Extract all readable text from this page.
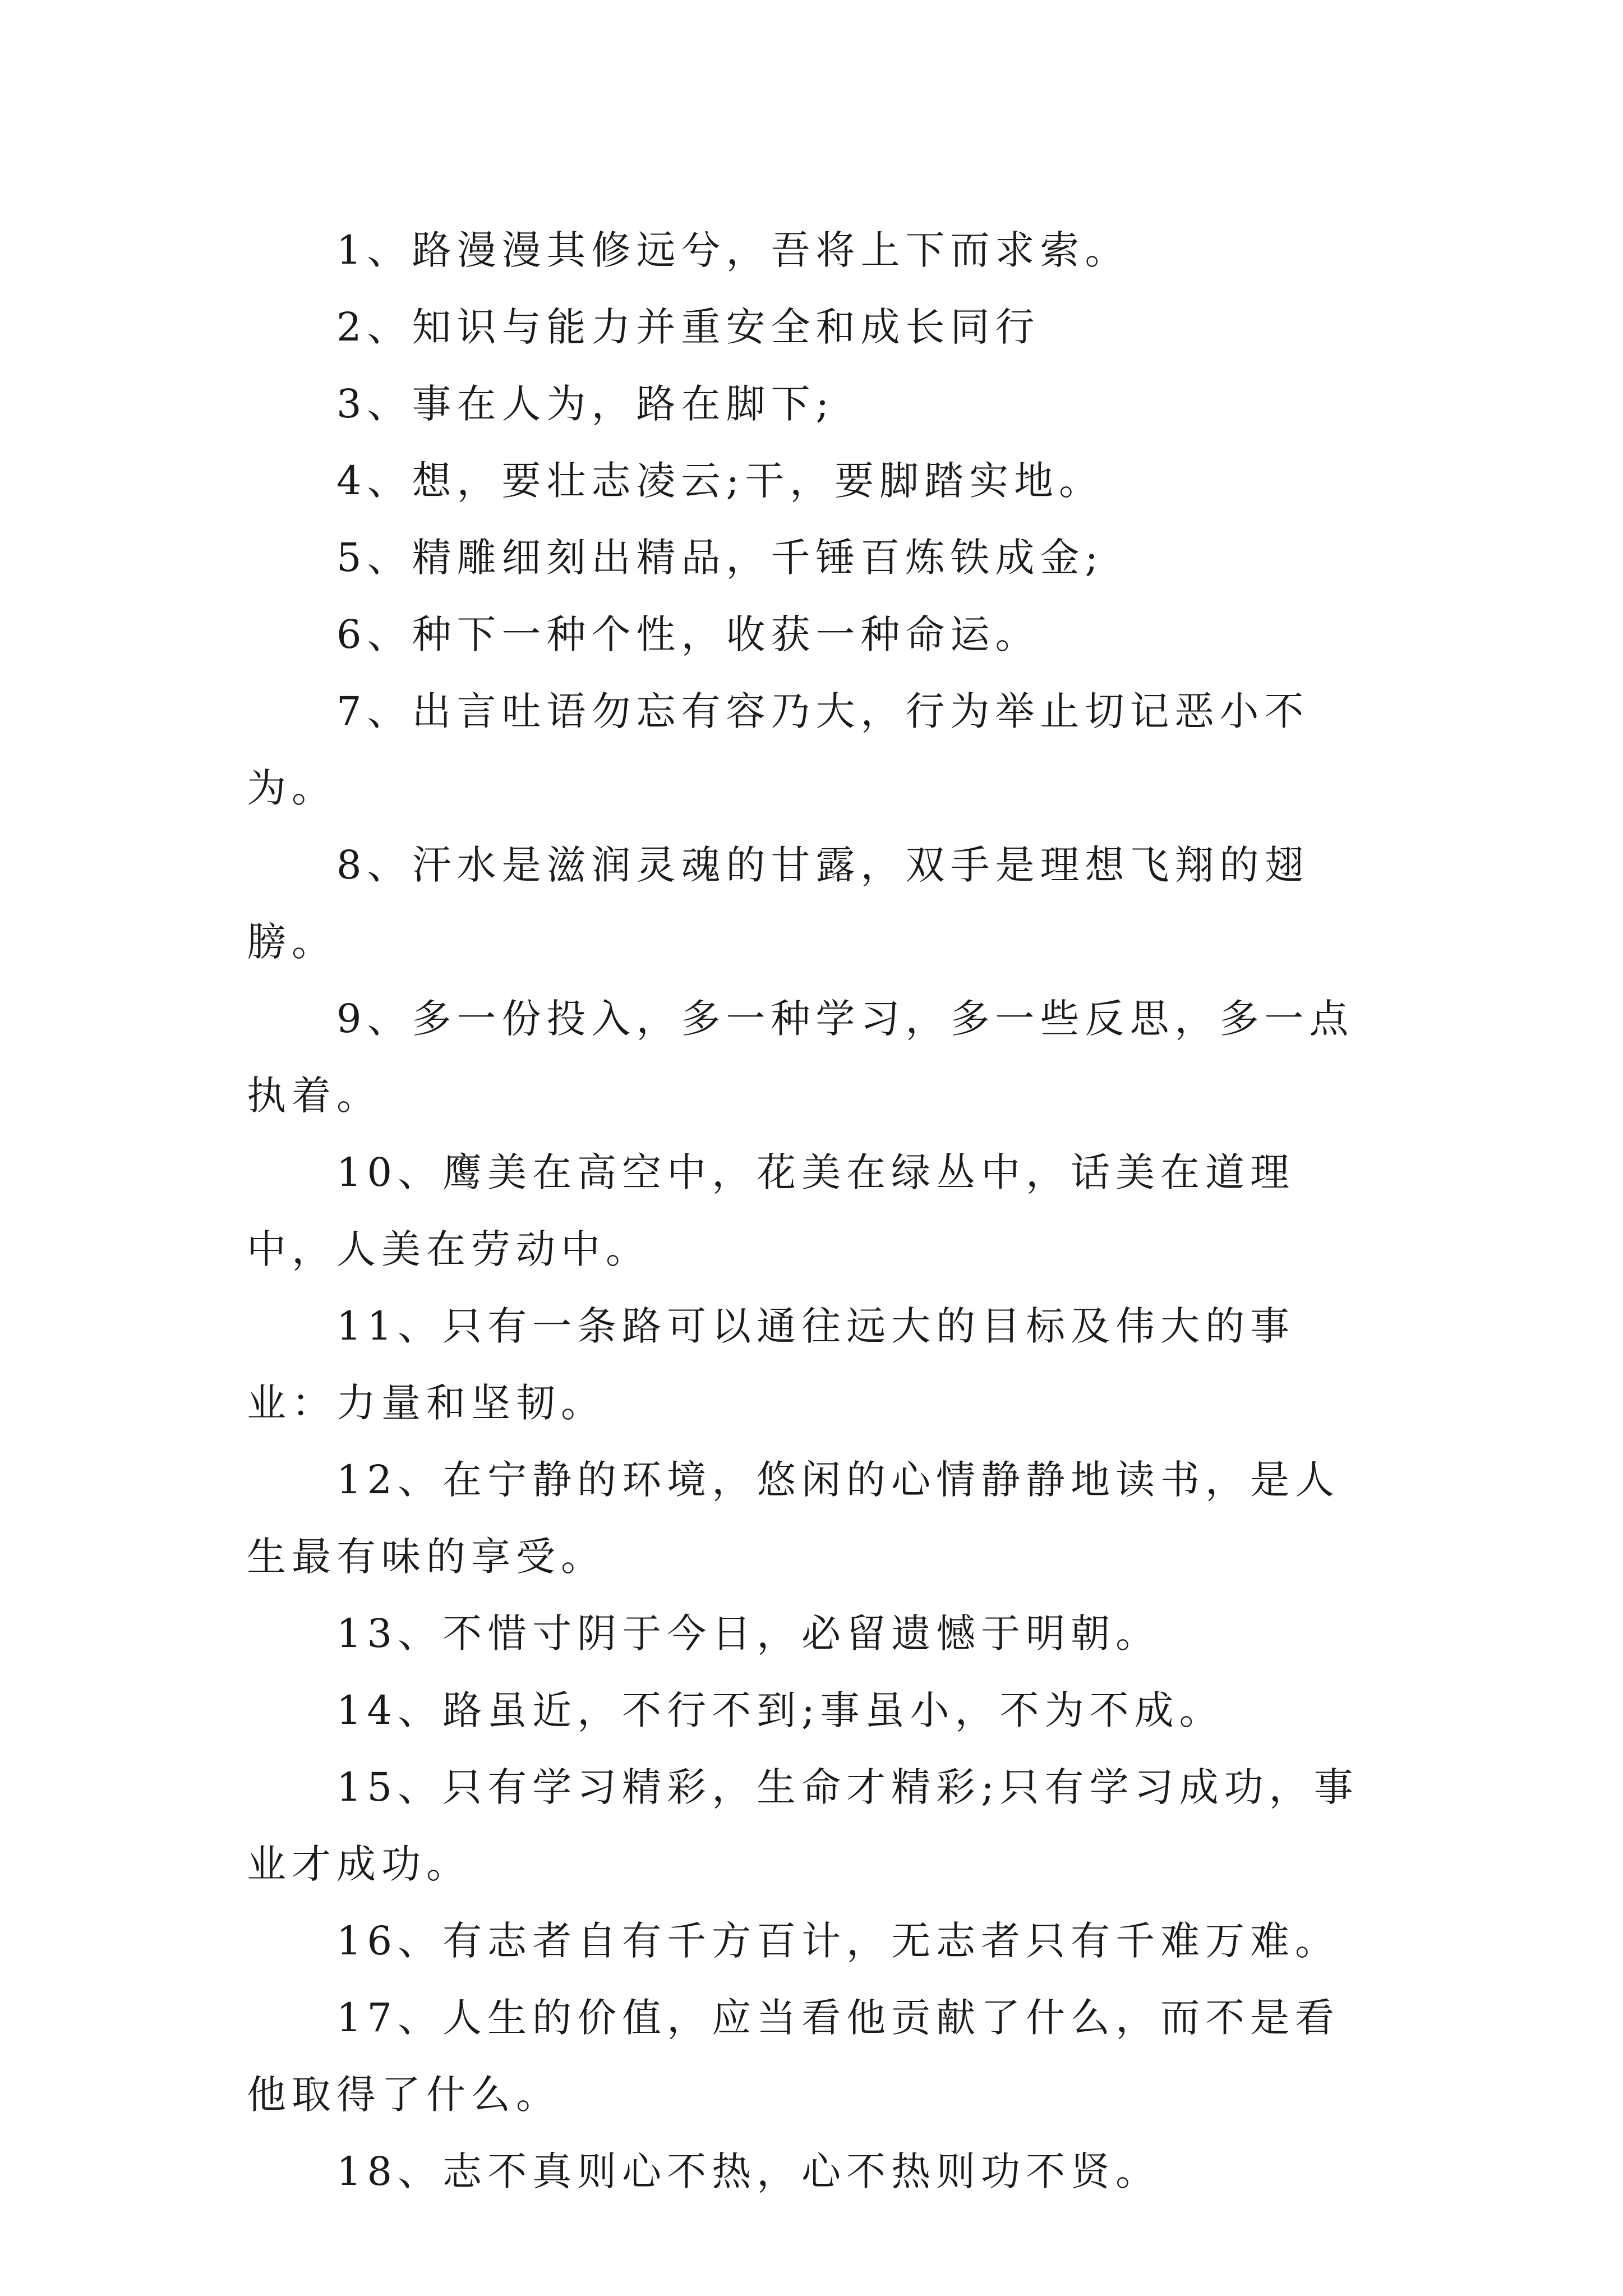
1、路漫漫其修远兮，吾将上下而求索。

2、知识与能力并重安全和成长同行

3、事在人为，路在脚下;

4、想，要壮志凌云;干，要脚踏实地。

5、精雕细刻出精品，千锤百炼铁成金;

6、种下一种个性，收获一种命运。

7、出言吐语勿忘有容乃大，行为举止切记恶小不为。

8、汗水是滋润灵魂的甘露，双手是理想飞翔的翅膀。

9、多一份投入，多一种学习，多一些反思，多一点执着。

10、鹰美在高空中，花美在绿丛中，话美在道理中，人美在劳动中。

11、只有一条路可以通往远大的目标及伟大的事业：力量和坚韧。

12、在宁静的环境，悠闲的心情静静地读书，是人生最有味的享受。

13、不惜寸阴于今日，必留遗憾于明朝。

14、路虽近，不行不到;事虽小，不为不成。

15、只有学习精彩，生命才精彩;只有学习成功，事业才成功。

16、有志者自有千方百计，无志者只有千难万难。

17、人生的价值，应当看他贡献了什么，而不是看他取得了什么。

18、志不真则心不热，心不热则功不贤。
